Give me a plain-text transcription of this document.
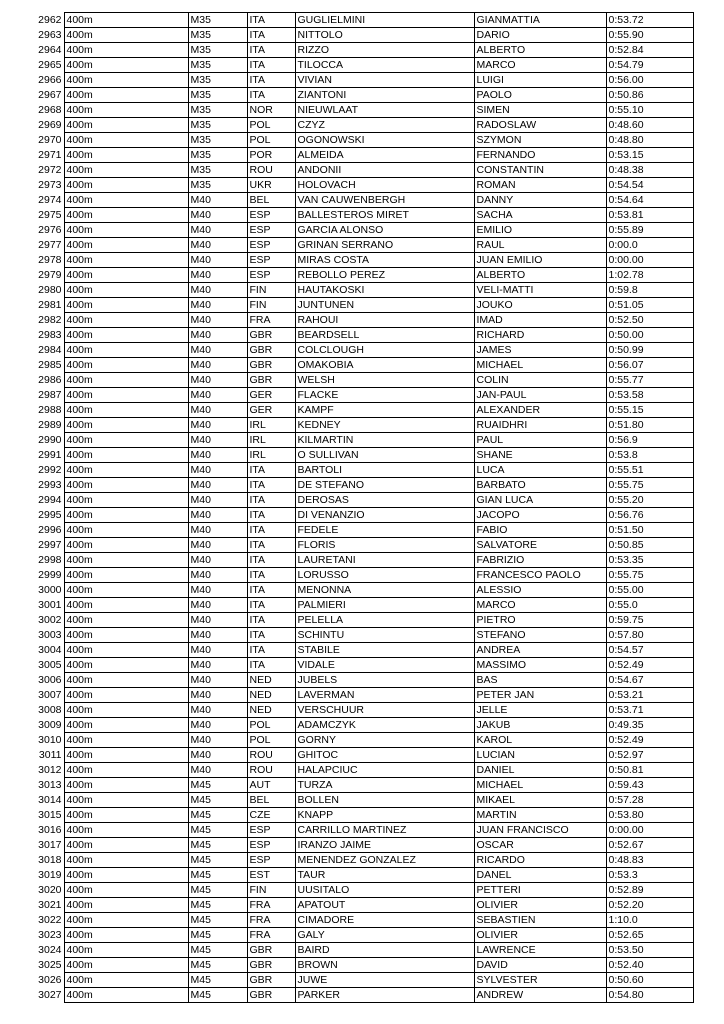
2962	400m	M35	ITA	GUGLIELMINI	GIANMATTIA	0:53.72
2963	400m	M35	ITA	NITTOLO	DARIO	0:55.90
2964	400m	M35	ITA	RIZZO	ALBERTO	0:52.84
2965	400m	M35	ITA	TILOCCA	MARCO	0:54.79
2966	400m	M35	ITA	VIVIAN	LUIGI	0:56.00
2967	400m	M35	ITA	ZIANTONI	PAOLO	0:50.86
2968	400m	M35	NOR	NIEUWLAAT	SIMEN	0:55.10
2969	400m	M35	POL	CZYZ	RADOSLAW	0:48.60
2970	400m	M35	POL	OGONOWSKI	SZYMON	0:48.80
2971	400m	M35	POR	ALMEIDA	FERNANDO	0:53.15
2972	400m	M35	ROU	ANDONII	CONSTANTIN	0:48.38
2973	400m	M35	UKR	HOLOVACH	ROMAN	0:54.54
2974	400m	M40	BEL	VAN CAUWENBERGH	DANNY	0:54.64
2975	400m	M40	ESP	BALLESTEROS MIRET	SACHA	0:53.81
2976	400m	M40	ESP	GARCIA ALONSO	EMILIO	0:55.89
2977	400m	M40	ESP	GRINAN SERRANO	RAUL	0:00.0
2978	400m	M40	ESP	MIRAS COSTA	JUAN EMILIO	0:00.00
2979	400m	M40	ESP	REBOLLO PEREZ	ALBERTO	1:02.78
2980	400m	M40	FIN	HAUTAKOSKI	VELI-MATTI	0:59.8
2981	400m	M40	FIN	JUNTUNEN	JOUKO	0:51.05
2982	400m	M40	FRA	RAHOUI	IMAD	0:52.50
2983	400m	M40	GBR	BEARDSELL	RICHARD	0:50.00
2984	400m	M40	GBR	COLCLOUGH	JAMES	0:50.99
2985	400m	M40	GBR	OMAKOBIA	MICHAEL	0:56.07
2986	400m	M40	GBR	WELSH	COLIN	0:55.77
2987	400m	M40	GER	FLACKE	JAN-PAUL	0:53.58
2988	400m	M40	GER	KAMPF	ALEXANDER	0:55.15
2989	400m	M40	IRL	KEDNEY	RUAIDHRI	0:51.80
2990	400m	M40	IRL	KILMARTIN	PAUL	0:56.9
2991	400m	M40	IRL	O SULLIVAN	SHANE	0:53.8
2992	400m	M40	ITA	BARTOLI	LUCA	0:55.51
2993	400m	M40	ITA	DE STEFANO	BARBATO	0:55.75
2994	400m	M40	ITA	DEROSAS	GIAN LUCA	0:55.20
2995	400m	M40	ITA	DI VENANZIO	JACOPO	0:56.76
2996	400m	M40	ITA	FEDELE	FABIO	0:51.50
2997	400m	M40	ITA	FLORIS	SALVATORE	0:50.85
2998	400m	M40	ITA	LAURETANI	FABRIZIO	0:53.35
2999	400m	M40	ITA	LORUSSO	FRANCESCO PAOLO	0:55.75
3000	400m	M40	ITA	MENONNA	ALESSIO	0:55.00
3001	400m	M40	ITA	PALMIERI	MARCO	0:55.0
3002	400m	M40	ITA	PELELLA	PIETRO	0:59.75
3003	400m	M40	ITA	SCHINTU	STEFANO	0:57.80
3004	400m	M40	ITA	STABILE	ANDREA	0:54.57
3005	400m	M40	ITA	VIDALE	MASSIMO	0:52.49
3006	400m	M40	NED	JUBELS	BAS	0:54.67
3007	400m	M40	NED	LAVERMAN	PETER JAN	0:53.21
3008	400m	M40	NED	VERSCHUUR	JELLE	0:53.71
3009	400m	M40	POL	ADAMCZYK	JAKUB	0:49.35
3010	400m	M40	POL	GORNY	KAROL	0:52.49
3011	400m	M40	ROU	GHITOC	LUCIAN	0:52.97
3012	400m	M40	ROU	HALAPCIUC	DANIEL	0:50.81
3013	400m	M45	AUT	TURZA	MICHAEL	0:59.43
3014	400m	M45	BEL	BOLLEN	MIKAEL	0:57.28
3015	400m	M45	CZE	KNAPP	MARTIN	0:53.80
3016	400m	M45	ESP	CARRILLO MARTINEZ	JUAN FRANCISCO	0:00.00
3017	400m	M45	ESP	IRANZO JAIME	OSCAR	0:52.67
3018	400m	M45	ESP	MENENDEZ GONZALEZ	RICARDO	0:48.83
3019	400m	M45	EST	TAUR	DANEL	0:53.3
3020	400m	M45	FIN	UUSITALO	PETTERI	0:52.89
3021	400m	M45	FRA	APATOUT	OLIVIER	0:52.20
3022	400m	M45	FRA	CIMADORE	SEBASTIEN	1:10.0
3023	400m	M45	FRA	GALY	OLIVIER	0:52.65
3024	400m	M45	GBR	BAIRD	LAWRENCE	0:53.50
3025	400m	M45	GBR	BROWN	DAVID	0:52.40
3026	400m	M45	GBR	JUWE	SYLVESTER	0:50.60
3027	400m	M45	GBR	PARKER	ANDREW	0:54.80
